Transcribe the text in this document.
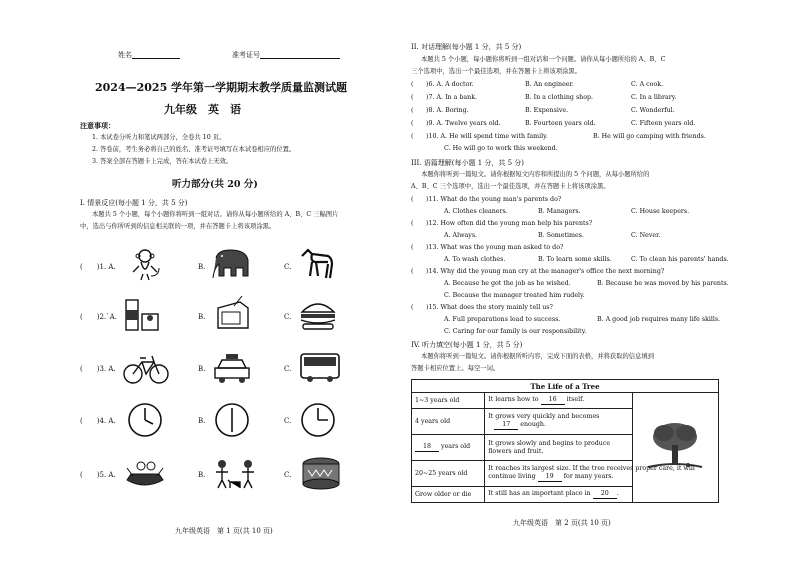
姓名	准考证号
2024—2025 学年第一学期期末教学质量监测试题
九年级　英　语
注意事项：
1. 本试卷分听力和笔试两部分，全卷共 10 页。
2. 答卷前，考生务必将自己的姓名、准考证号填写在本试卷相应的位置。
3. 答案全部在答题卡上完成，答在本试卷上无效。
听力部分(共 20 分)
I. 情景反应(每小题 1 分，共 5 分)
本题共 5 个小题，每个小题你将听到一组对话。请你从每小题所给的 A、B、C 三幅图片
中，选出与你所听到的信息相关联的一项，并在答题卡上将该项涂黑。
九年级英语　第 1 页(共 10 页)
(　　)1. A.	B.	C.
(　　)2.`A.	B.	C.
(　　)3. A.	B.	C.
(　　)4. A.	B.	C.
(　　)5. A.	B.	C.
II. 对话理解(每小题 1 分，共 5 分)
本题共 5 个小题，每小题你将听到一组对话和一个问题。请你从每小题所给的 A、B、C
三个选项中，选出一个最佳选项，并在答题卡上将该项涂黑。
(　　)6. A. A doctor.	B. An engineer.	C. A cook.
(　　)7. A. In a bank.	B. In a clothing shop.	C. In a library.
(　　)8. A. Boring.	B. Expensive.	C. Wonderful.
(　　)9. A. Twelve years old.	B. Fourteen years old.	C. Fifteen years old.
(　　)10. A. He will spend time with family.	B. He will go camping with friends.
C. He will go to work this weekend.
III. 语篇理解(每小题 1 分，共 5 分)
本题你将听到一篇短文。请你根据短文内容和所提出的 5 个问题，从每小题所给的
A、B、C 三个选项中，选出一个最佳选项，并在答题卡上将该项涂黑。
(　　)11. What do the young man's parents do?
A. Clothes cleaners.	B. Managers.	C. House keepers.
(　　)12. How often did the young man help his parents?
A. Always.	B. Sometimes.	C. Never.
(　　)13. What was the young man asked to do?
A. To wash clothes.	B. To learn some skills.	C. To clean his parents' hands.
(　　)14. Why did the young man cry at the manager's office the next morning?
A. Because he got the job as he wished.	B. Because he was moved by his parents.
C. Because the manager treated him rudely.
(　　)15. What does the story mainly tell us?
A. Full preparations lead to success.	B. A good job requires many life skills.
C. Caring for our family is our responsibility.
IV. 听力填空(每小题 1 分，共 5 分)
本题你将听到一篇短文。请你根据所听内容，完成下面的表格，并将获取的信息填到
答题卡相应位置上。每空一词。
The Life of a Tree
1~3 years old	It learns how to 16 itself.	
4 years old	It grows very quickly and becomes
17 enough.	
18 years old	It grows slowly and begins to produce flowers and fruit.	
20~25 years old	It reaches its largest size. If the tree receives proper care, it will continue living 19 for many years.	
Grow older or die	It still has an important place in 20 .	
九年级英语　第 2 页(共 10 页)
